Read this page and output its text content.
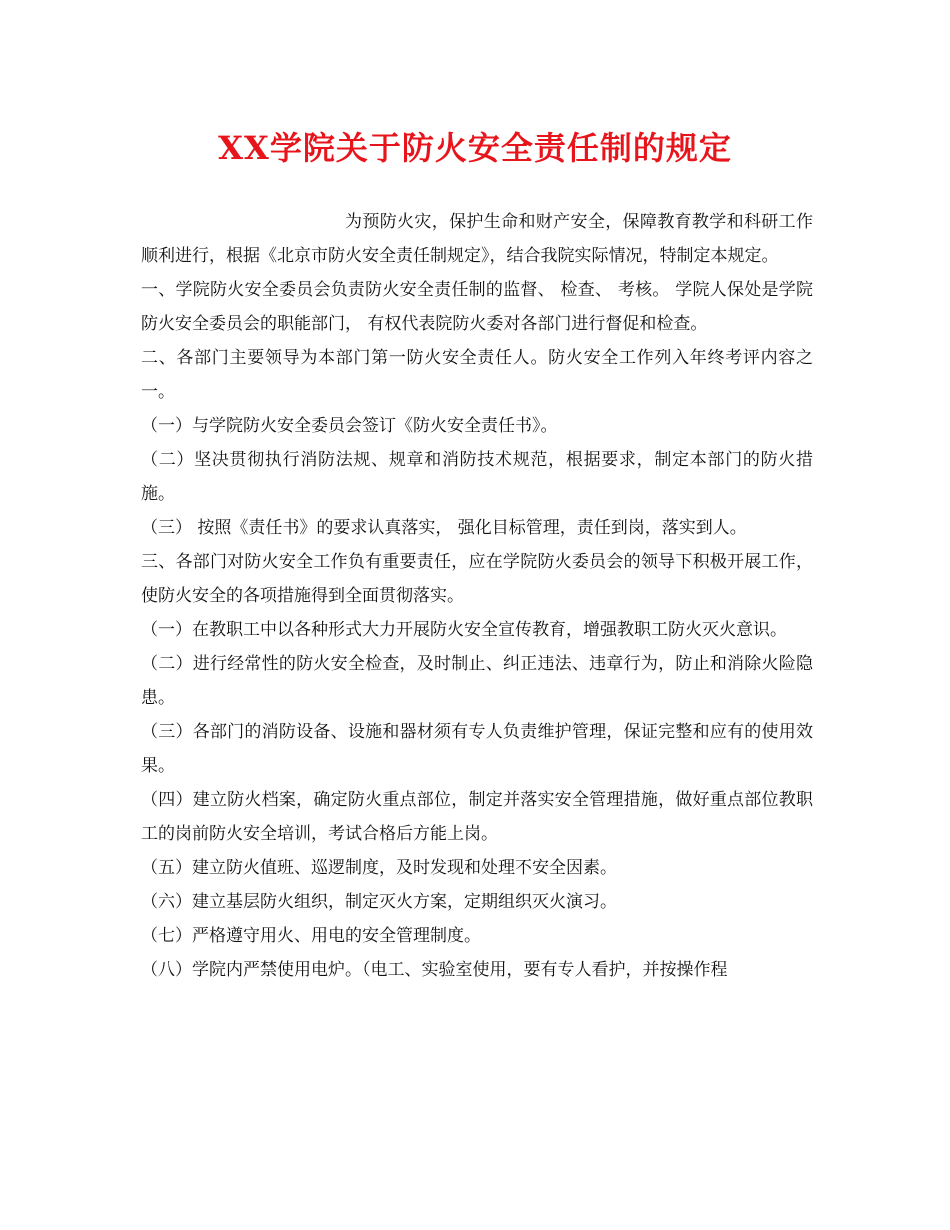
XX学院关于防火安全责任制的规定

为预防火灾，保护生命和财产安全，保障教育教学和科研工作顺利进行，根据《北京市防火安全责任制规定》，结合我院实际情况，特制定本规定。

一、学院防火安全委员会负责防火安全责任制的监督、 检查、 考核。 学院人保处是学院防火安全委员会的职能部门， 有权代表院防火委对各部门进行督促和检查。

二、各部门主要领导为本部门第一防火安全责任人。防火安全工作列入年终考评内容之一。

（一）与学院防火安全委员会签订《防火安全责任书》。

（二）坚决贯彻执行消防法规、规章和消防技术规范，根据要求，制定本部门的防火措施。

（三） 按照《责任书》的要求认真落实， 强化目标管理，责任到岗，落实到人。

三、各部门对防火安全工作负有重要责任，应在学院防火委员会的领导下积极开展工作，使防火安全的各项措施得到全面贯彻落实。

（一）在教职工中以各种形式大力开展防火安全宣传教育，增强教职工防火灭火意识。

（二）进行经常性的防火安全检查，及时制止、纠正违法、违章行为，防止和消除火险隐患。

（三）各部门的消防设备、设施和器材须有专人负责维护管理，保证完整和应有的使用效果。

（四）建立防火档案，确定防火重点部位，制定并落实安全管理措施，做好重点部位教职工的岗前防火安全培训，考试合格后方能上岗。

（五）建立防火值班、巡逻制度，及时发现和处理不安全因素。

（六）建立基层防火组织，制定灭火方案，定期组织灭火演习。

（七）严格遵守用火、用电的安全管理制度。

（八）学院内严禁使用电炉。（电工、实验室使用，要有专人看护，并按操作程
